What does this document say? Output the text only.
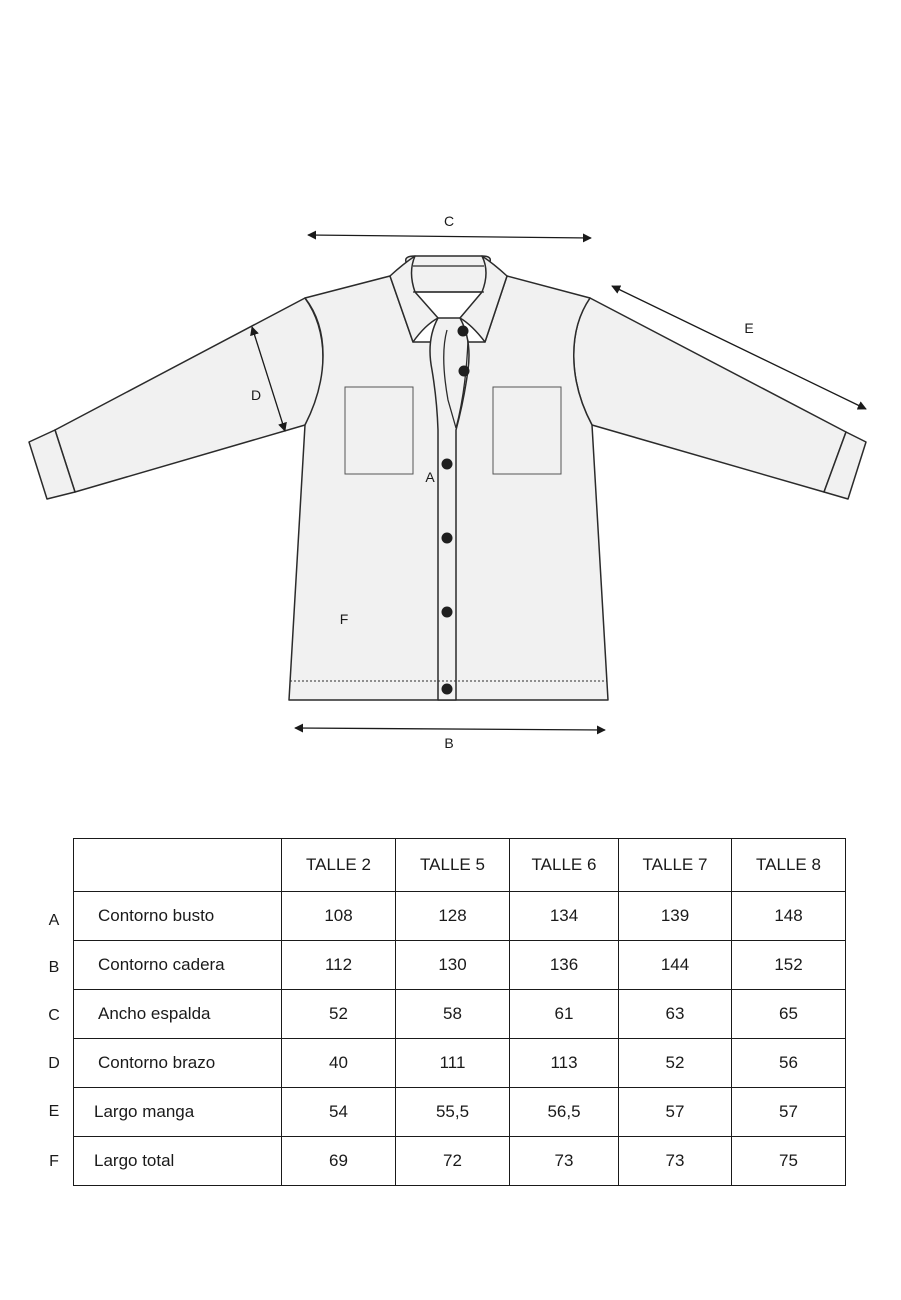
C
B
E
D
A
F
A
B
C
D
E
F
	TALLE 2	TALLE 5	TALLE 6	TALLE 7	TALLE 8
Contorno busto	108	128	134	139	148
Contorno cadera	112	130	136	144	152
Ancho espalda	52	58	61	63	65
Contorno brazo	40	111	113	52	56
Largo manga	54	55,5	56,5	57	57
Largo total	69	72	73	73	75
